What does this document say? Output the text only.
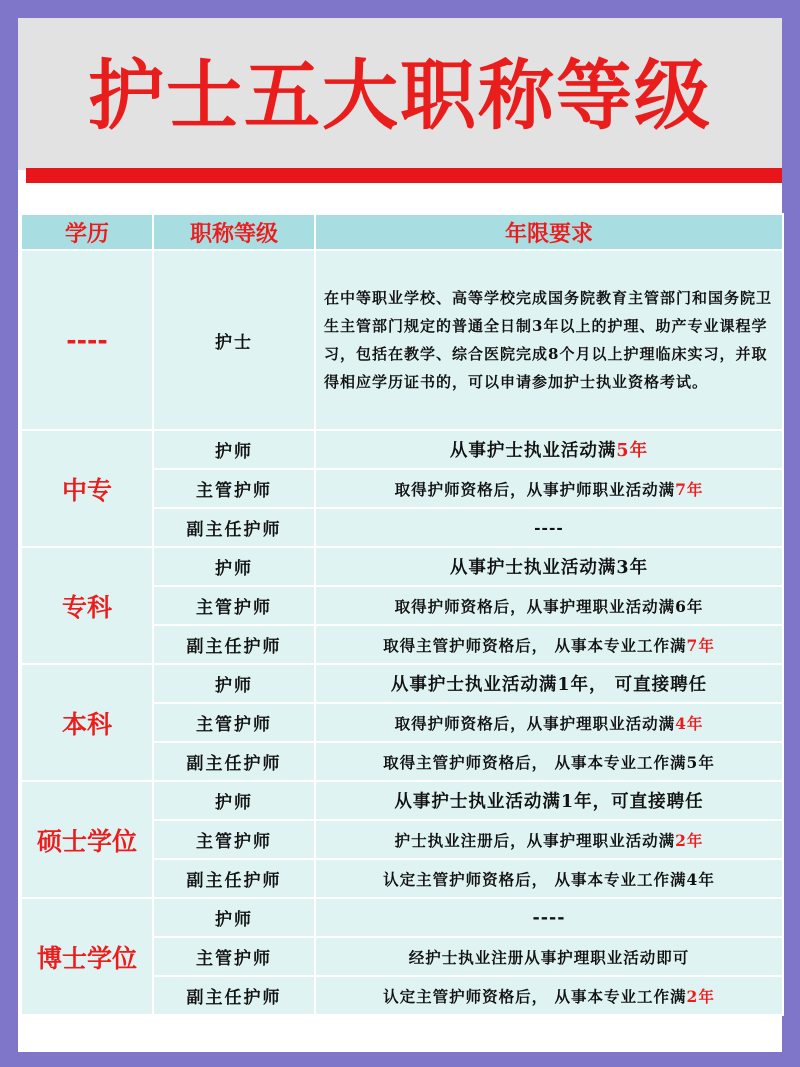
护士五大职称等级
学历	职称等级	年限要求
----	护士	在中等职业学校、高等学校完成国务院教育主管部门和国务院卫生主管部门规定的普通全日制3年以上的护理、助产专业课程学习，包括在教学、综合医院完成8个月以上护理临床实习，并取得相应学历证书的，可以申请参加护士执业资格考试。
中专	护师	从事护士执业活动满5年
	主管护师	取得护师资格后，从事护师职业活动满7年
	副主任护师	----
专科	护师	从事护士执业活动满3年
	主管护师	取得护师资格后，从事护理职业活动满6年
	副主任护师	取得主管护师资格后， 从事本专业工作满7年
本科	护师	从事护士执业活动满1年， 可直接聘任
	主管护师	取得护师资格后，从事护理职业活动满4年
	副主任护师	取得主管护师资格后， 从事本专业工作满5年
硕士学位	护师	从事护士执业活动满1年，可直接聘任
	主管护师	护士执业注册后，从事护理职业活动满2年
	副主任护师	认定主管护师资格后， 从事本专业工作满4年
博士学位	护师	----
	主管护师	经护士执业注册从事护理职业活动即可
	副主任护师	认定主管护师资格后， 从事本专业工作满2年
